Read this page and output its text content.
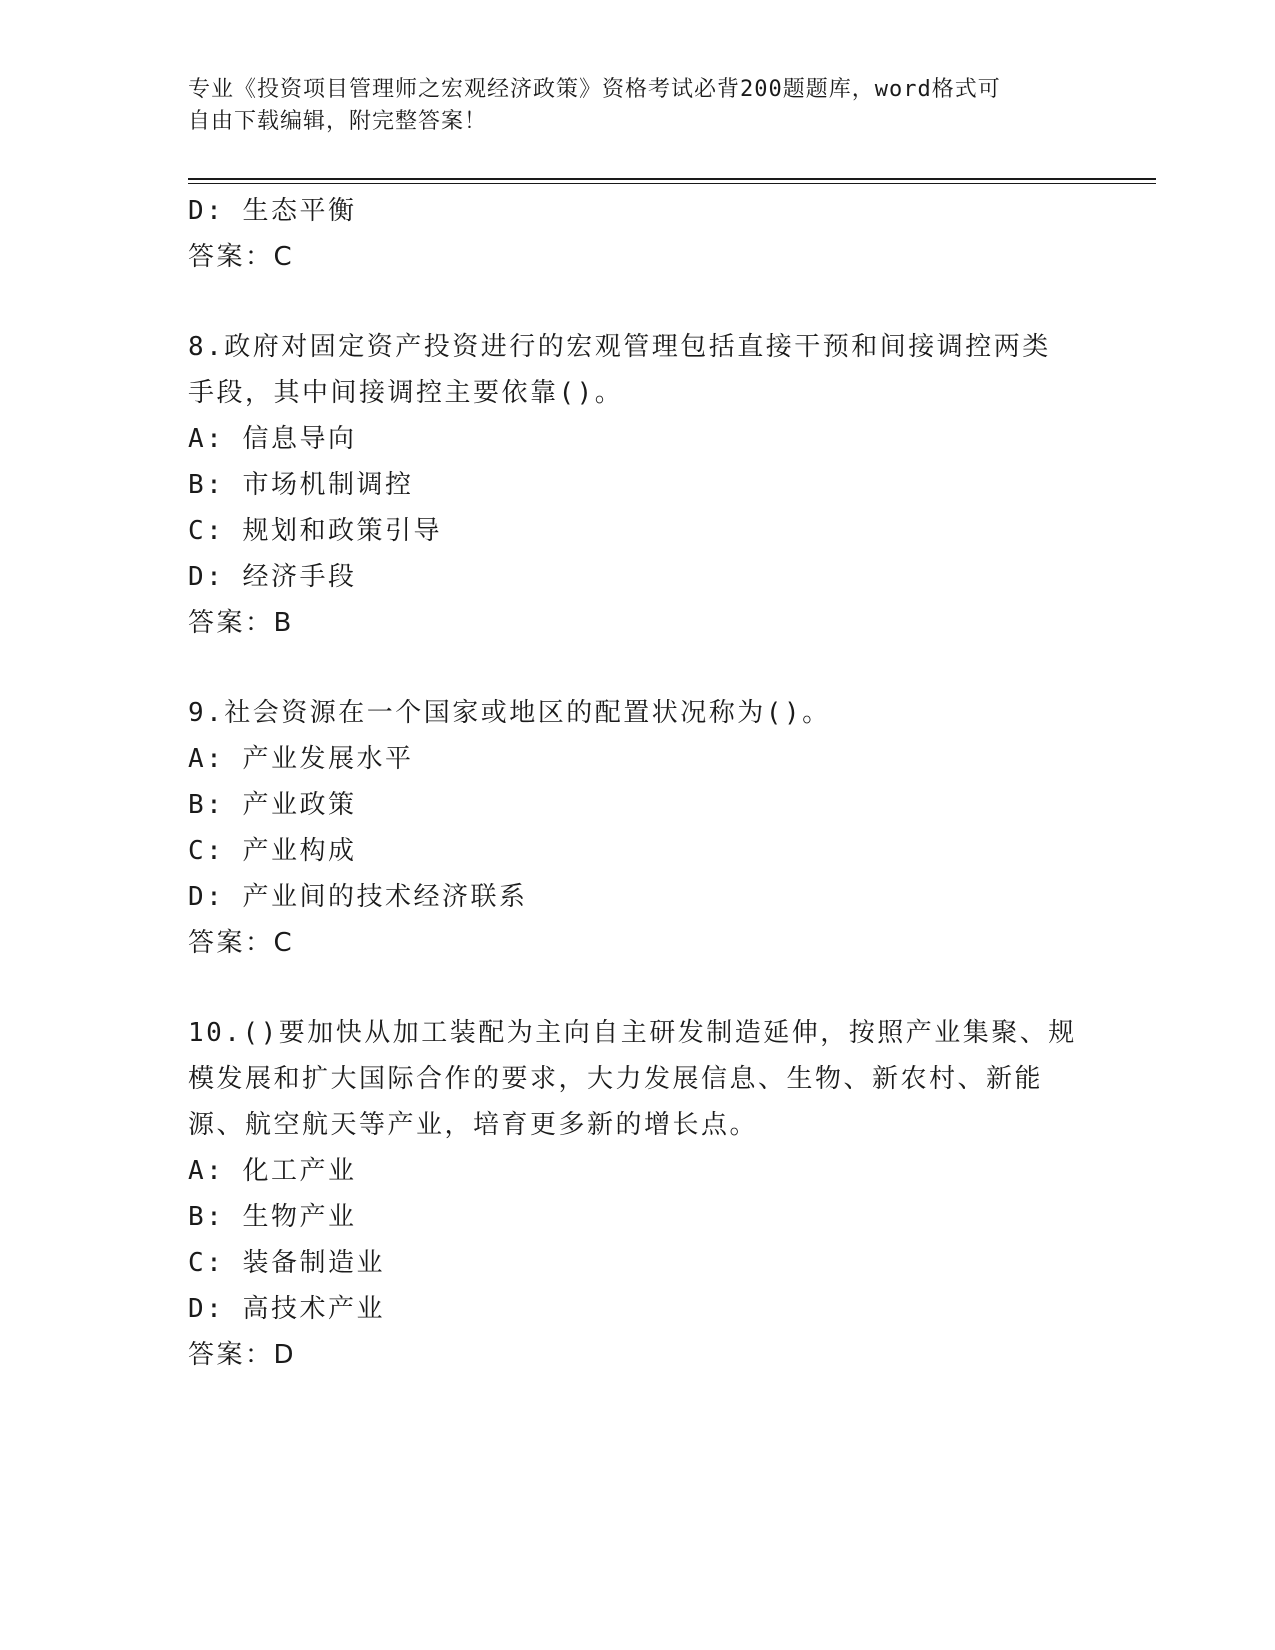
专业《投资项目管理师之宏观经济政策》资格考试必背200题题库，word格式可
自由下载编辑，附完整答案！
D: 生态平衡
答案：C
8.政府对固定资产投资进行的宏观管理包括直接干预和间接调控两类
手段，其中间接调控主要依靠()。
A: 信息导向
B: 市场机制调控
C: 规划和政策引导
D: 经济手段
答案：B
9.社会资源在一个国家或地区的配置状况称为()。
A: 产业发展水平
B: 产业政策
C: 产业构成
D: 产业间的技术经济联系
答案：C
10.()要加快从加工装配为主向自主研发制造延伸，按照产业集聚、规
模发展和扩大国际合作的要求，大力发展信息、生物、新农村、新能
源、航空航天等产业，培育更多新的增长点。
A: 化工产业
B: 生物产业
C: 装备制造业
D: 高技术产业
答案：D
